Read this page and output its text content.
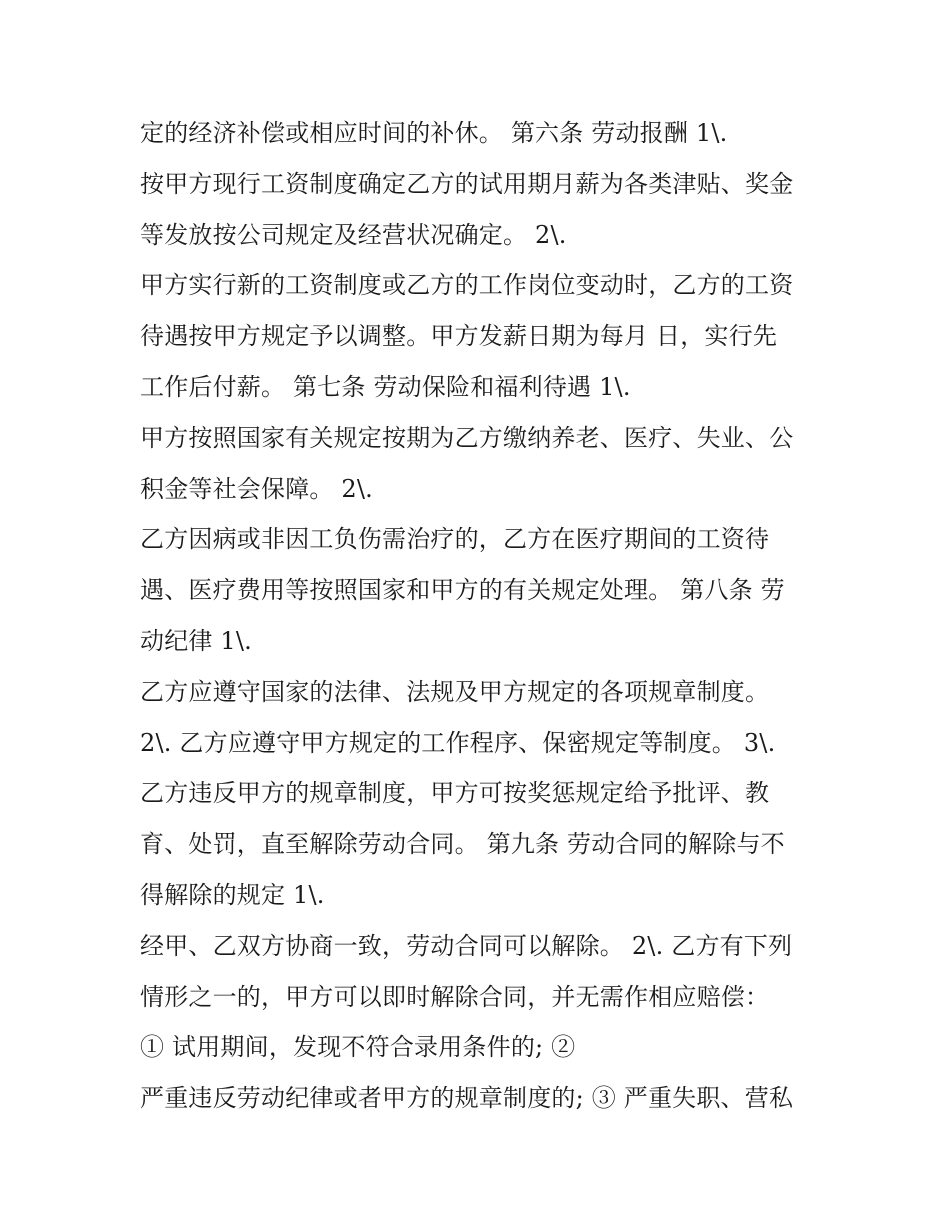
定的经济补偿或相应时间的补休。 第六条 劳动报酬 1\.
按甲方现行工资制度确定乙方的试用期月薪为各类津贴、奖金
等发放按公司规定及经营状况确定。 2\.
甲方实行新的工资制度或乙方的工作岗位变动时，乙方的工资
待遇按甲方规定予以调整。甲方发薪日期为每月 日，实行先
工作后付薪。 第七条 劳动保险和福利待遇 1\.
甲方按照国家有关规定按期为乙方缴纳养老、医疗、失业、公
积金等社会保障。 2\.
乙方因病或非因工负伤需治疗的，乙方在医疗期间的工资待
遇、医疗费用等按照国家和甲方的有关规定处理。 第八条 劳
动纪律 1\.
乙方应遵守国家的法律、法规及甲方规定的各项规章制度。
2\. 乙方应遵守甲方规定的工作程序、保密规定等制度。 3\.
乙方违反甲方的规章制度，甲方可按奖惩规定给予批评、教
育、处罚，直至解除劳动合同。 第九条 劳动合同的解除与不
得解除的规定 1\.
经甲、乙双方协商一致，劳动合同可以解除。 2\. 乙方有下列
情形之一的，甲方可以即时解除合同，并无需作相应赔偿：
① 试用期间，发现不符合录用条件的; ②
严重违反劳动纪律或者甲方的规章制度的; ③ 严重失职、营私
